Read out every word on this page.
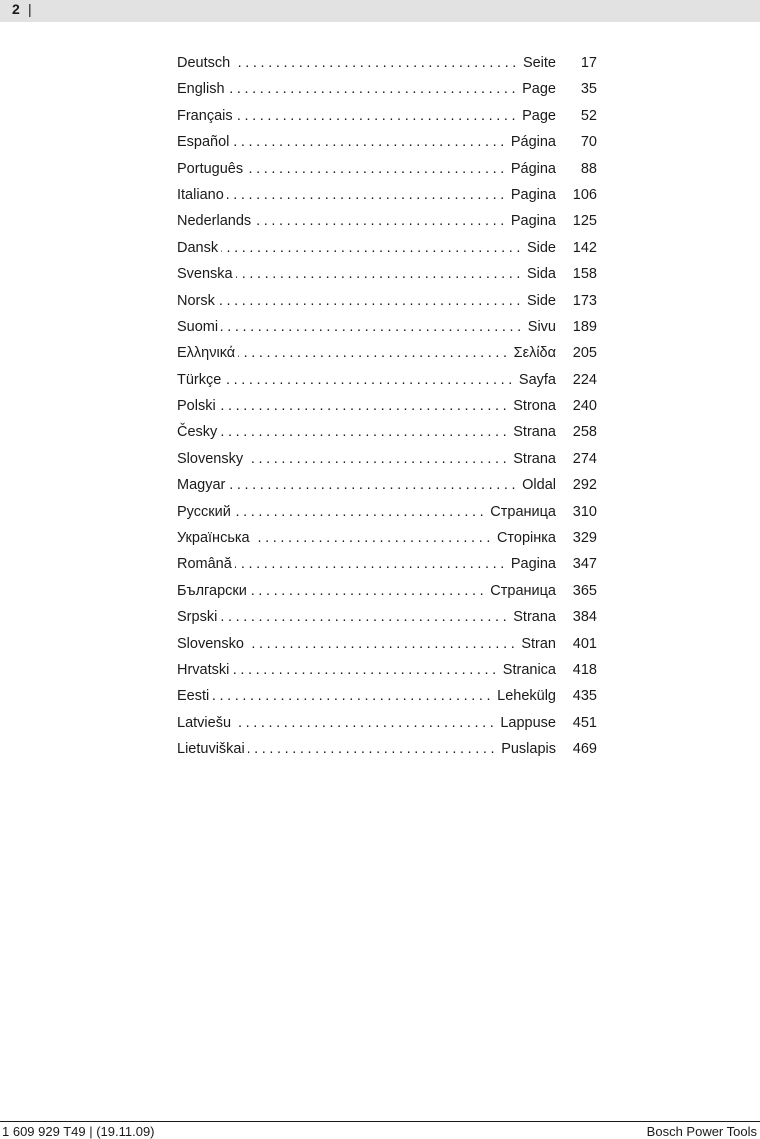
2 |
Deutsch .....	Seite	17
English .....	Page	35
Français .....	Page	52
Español .....	Página	70
Português .....	Página	88
Italiano .....	Pagina	106
Nederlands .....	Pagina	125
Dansk .....	Side	142
Svenska .....	Sida	158
Norsk .....	Side	173
Suomi .....	Sivu	189
Ελληνικά .....	Σελίδα	205
Türkçe .....	Sayfa	224
Polski .....	Strona	240
Česky .....	Strana	258
Slovensky .....	Strana	274
Magyar .....	Oldal	292
Русский .....	Страница	310
Українська .....	Сторінка	329
Română .....	Pagina	347
Български .....	Страница	365
Srpski .....	Strana	384
Slovensko .....	Stran	401
Hrvatski .....	Stranica	418
Eesti .....	Lehekülg	435
Latviešu .....	Lappuse	451
Lietuviškai .....	Puslapis	469
1 609 929 T49 | (19.11.09)	Bosch Power Tools
